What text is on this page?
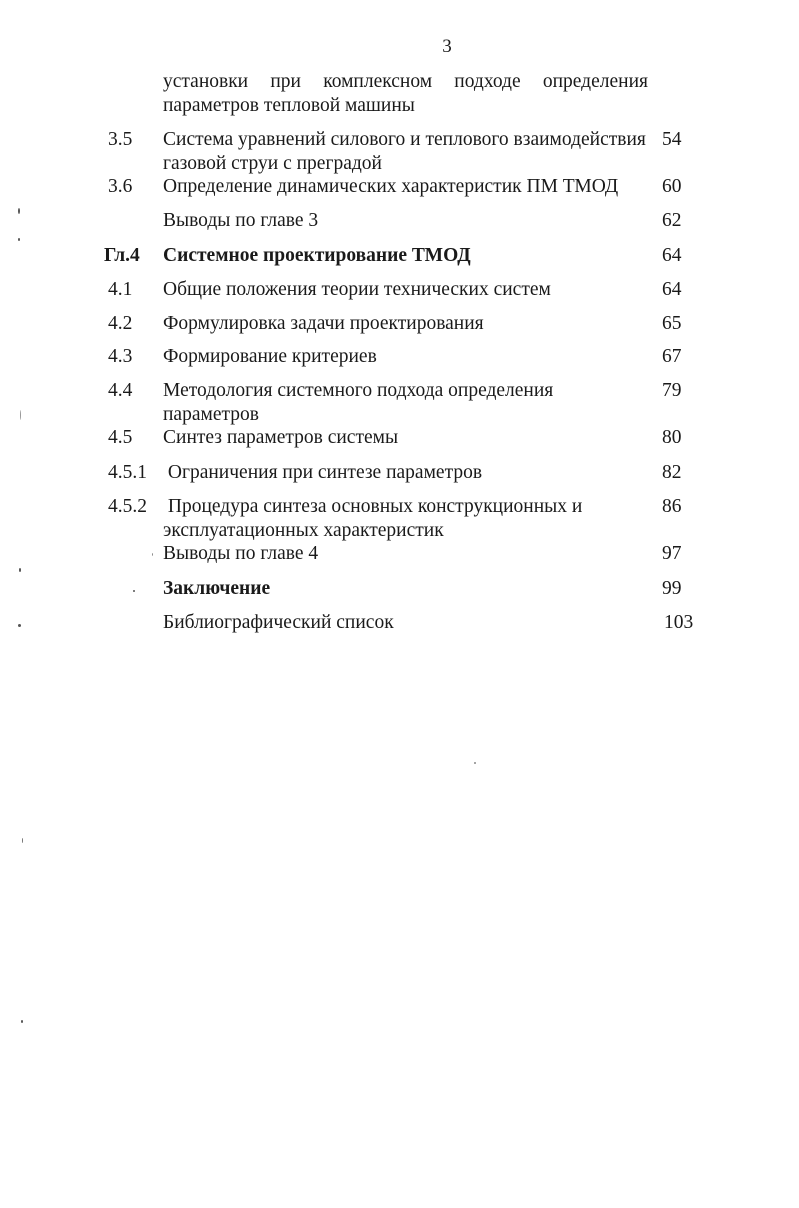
3
установки при комплексном подходе определения
параметров тепловой машины
3.5 Система уравнений силового и теплового взаимодействия 54
газовой струи с преградой
3.6 Определение динамических характеристик ПМ ТМОД	60
Выводы по главе 3	62
Гл.4 Системное проектирование ТМОД	64
4.1 Общие положения теории технических систем	64
4.2 Формулировка задачи проектирования	65
4.3 Формирование критериев	67
4.4 Методология системного подхода определения	79
параметров
4.5 Синтез параметров системы	80
4.5.1 Ограничения при синтезе параметров	82
4.5.2 Процедура синтеза основных конструкционных и	86
эксплуатационных характеристик
Выводы по главе 4	97
Заключение	99
Библиографический список	103
